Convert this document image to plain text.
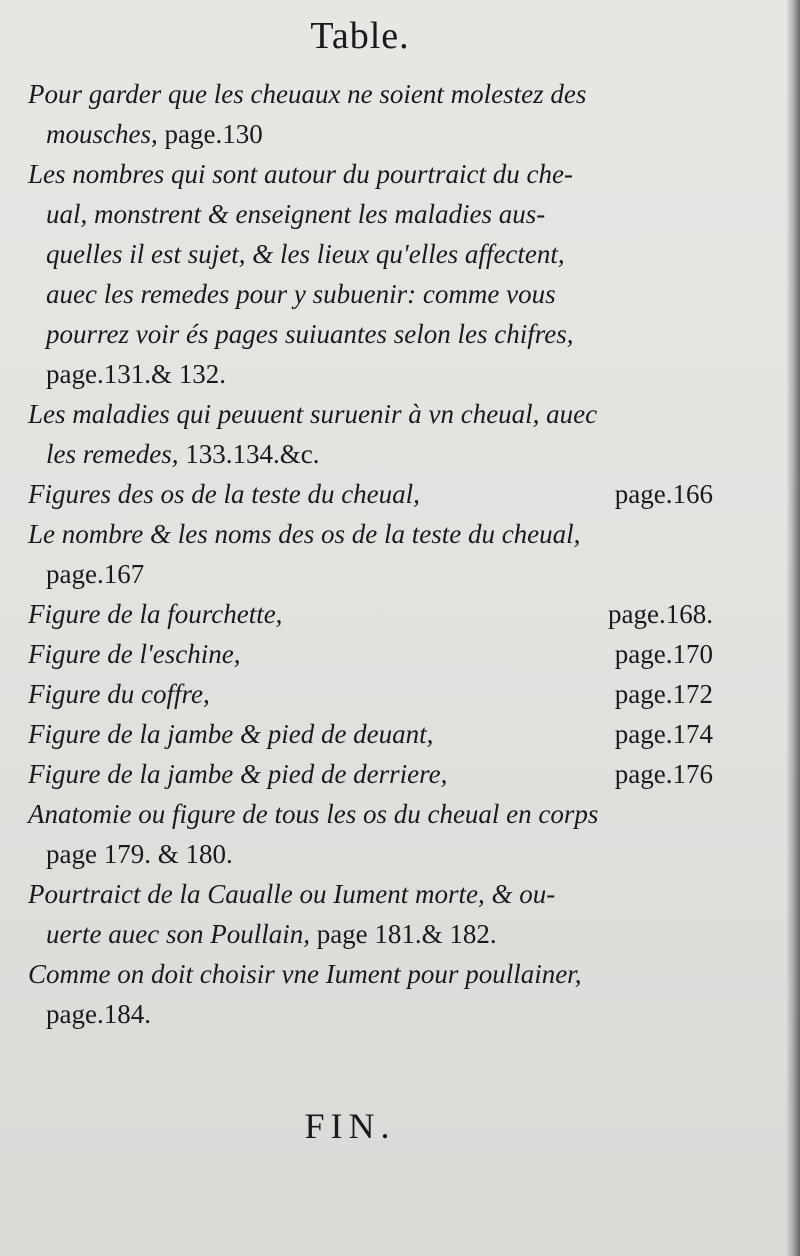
Table.
Pour garder que les cheuaux ne soient molestez des
mousches, page.130
Les nombres qui sont autour du pourtraict du che-
ual, monstrent & enseignent les maladies aus-
quelles il est sujet, & les lieux qu'elles affectent,
auec les remedes pour y subuenir: comme vous
pourrez voir és pages suiuantes selon les chifres,
page.131.& 132.
Les maladies qui peuuent suruenir à vn cheual, auec
les remedes, 133.134.&c.
Figures des os de la teste du cheual,	page.166
Le nombre & les noms des os de la teste du cheual,
page.167
Figure de la fourchette,	page.168.
Figure de l'eschine,	page.170
Figure du coffre,	page.172
Figure de la jambe & pied de deuant,	page.174
Figure de la jambe & pied de derriere,	page.176
Anatomie ou figure de tous les os du cheual en corps
page 179. & 180.
Pourtraict de la Caualle ou Iument morte, & ou-
uerte auec son Poullain, page 181.& 182.
Comme on doit choisir vne Iument pour poullainer,
page.184.
FIN.
